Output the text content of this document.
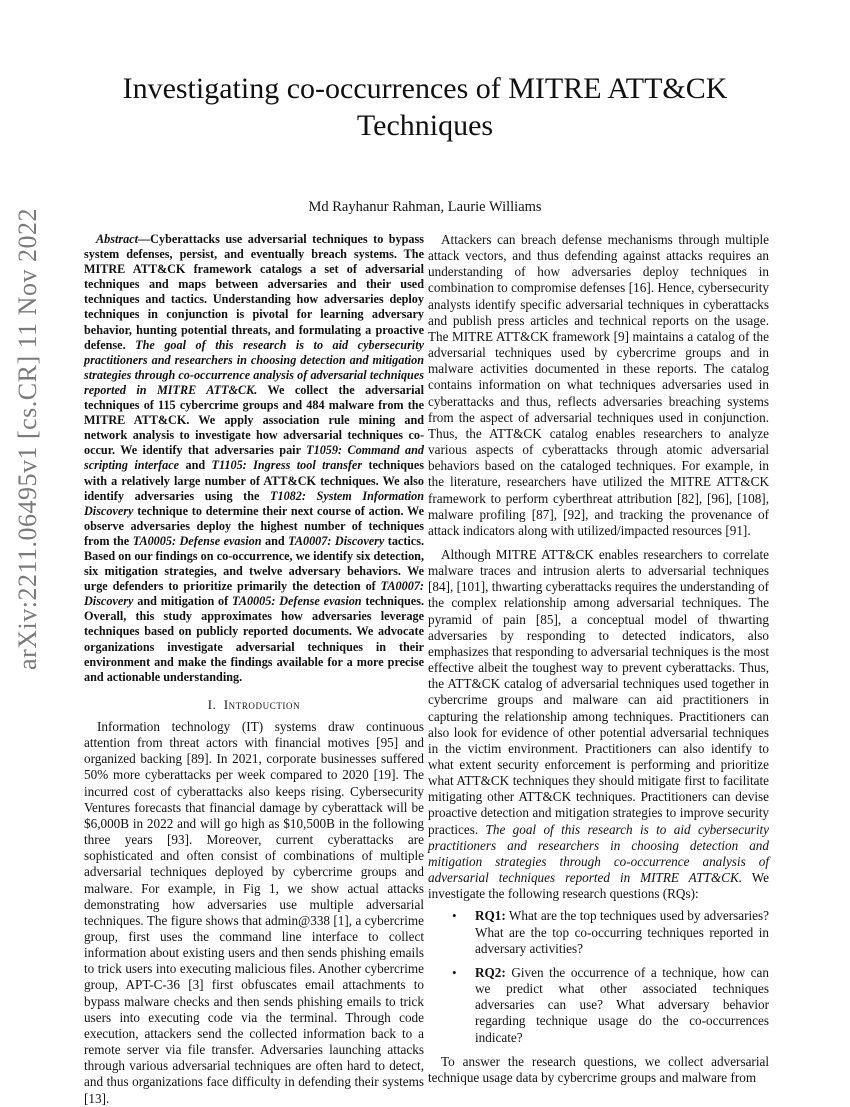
arXiv:2211.06495v1 [cs.CR] 11 Nov 2022
Investigating co-occurrences of MITRE ATT&CK
Techniques
Md Rayhanur Rahman, Laurie Williams

Abstract—Cyberattacks use adversarial techniques to bypass system defenses, persist, and eventually breach systems. The MITRE ATT&CK framework catalogs a set of adversarial techniques and maps between adversaries and their used techniques and tactics. Understanding how adversaries deploy techniques in conjunction is pivotal for learning adversary behavior, hunting potential threats, and formulating a proactive defense. The goal of this research is to aid cybersecurity practitioners and researchers in choosing detection and mitigation strategies through co-occurrence analysis of adversarial techniques reported in MITRE ATT&CK. We collect the adversarial techniques of 115 cybercrime groups and 484 malware from the MITRE ATT&CK. We apply association rule mining and network analysis to investigate how adversarial techniques co-occur. We identify that adversaries pair T1059: Command and scripting interface and T1105: Ingress tool transfer techniques with a relatively large number of ATT&CK techniques. We also identify adversaries using the T1082: System Information Discovery technique to determine their next course of action. We observe adversaries deploy the highest number of techniques from the TA0005: Defense evasion and TA0007: Discovery tactics. Based on our findings on co-occurrence, we identify six detection, six mitigation strategies, and twelve adversary behaviors. We urge defenders to prioritize primarily the detection of TA0007: Discovery and mitigation of TA0005: Defense evasion techniques. Overall, this study approximates how adversaries leverage techniques based on publicly reported documents. We advocate organizations investigate adversarial techniques in their environment and make the findings available for a more precise and actionable understanding.

I. Introduction

Information technology (IT) systems draw continuous attention from threat actors with financial motives [95] and organized backing [89]. In 2021, corporate businesses suffered 50% more cyberattacks per week compared to 2020 [19]. The incurred cost of cyberattacks also keeps rising. Cybersecurity Ventures forecasts that financial damage by cyberattack will be $6,000B in 2022 and will go high as $10,500B in the following three years [93]. Moreover, current cyberattacks are sophisticated and often consist of combinations of multiple adversarial techniques deployed by cybercrime groups and malware. For example, in Fig 1, we show actual attacks demonstrating how adversaries use multiple adversarial techniques. The figure shows that admin@338 [1], a cybercrime group, first uses the command line interface to collect information about existing users and then sends phishing emails to trick users into executing malicious files. Another cybercrime group, APT-C-36 [3] first obfuscates email attachments to bypass malware checks and then sends phishing emails to trick users into executing code via the terminal. Through code execution, attackers send the collected information back to a remote server via file transfer. Adversaries launching attacks through various adversarial techniques are often hard to detect, and thus organizations face difficulty in defending their systems [13].

Attackers can breach defense mechanisms through multiple attack vectors, and thus defending against attacks requires an understanding of how adversaries deploy techniques in combination to compromise defenses [16]. Hence, cybersecurity analysts identify specific adversarial techniques in cyberattacks and publish press articles and technical reports on the usage. The MITRE ATT&CK framework [9] maintains a catalog of the adversarial techniques used by cybercrime groups and in malware activities documented in these reports. The catalog contains information on what techniques adversaries used in cyberattacks and thus, reflects adversaries breaching systems from the aspect of adversarial techniques used in conjunction. Thus, the ATT&CK catalog enables researchers to analyze various aspects of cyberattacks through atomic adversarial behaviors based on the cataloged techniques. For example, in the literature, researchers have utilized the MITRE ATT&CK framework to perform cyberthreat attribution [82], [96], [108], malware profiling [87], [92], and tracking the provenance of attack indicators along with utilized/impacted resources [91].

Although MITRE ATT&CK enables researchers to correlate malware traces and intrusion alerts to adversarial techniques [84], [101], thwarting cyberattacks requires the understanding of the complex relationship among adversarial techniques. The pyramid of pain [85], a conceptual model of thwarting adversaries by responding to detected indicators, also emphasizes that responding to adversarial techniques is the most effective albeit the toughest way to prevent cyberattacks. Thus, the ATT&CK catalog of adversarial techniques used together in cybercrime groups and malware can aid practitioners in capturing the relationship among techniques. Practitioners can also look for evidence of other potential adversarial techniques in the victim environment. Practitioners can also identify to what extent security enforcement is performing and prioritize what ATT&CK techniques they should mitigate first to facilitate mitigating other ATT&CK techniques. Practitioners can devise proactive detection and mitigation strategies to improve security practices. The goal of this research is to aid cybersecurity practitioners and researchers in choosing detection and mitigation strategies through co-occurrence analysis of adversarial techniques reported in MITRE ATT&CK. We investigate the following research questions (RQs):

• RQ1: What are the top techniques used by adversaries? What are the top co-occurring techniques reported in adversary activities?
• RQ2: Given the occurrence of a technique, how can we predict what other associated techniques adversaries can use? What adversary behavior regarding technique usage do the co-occurrences indicate?

To answer the research questions, we collect adversarial technique usage data by cybercrime groups and malware from
